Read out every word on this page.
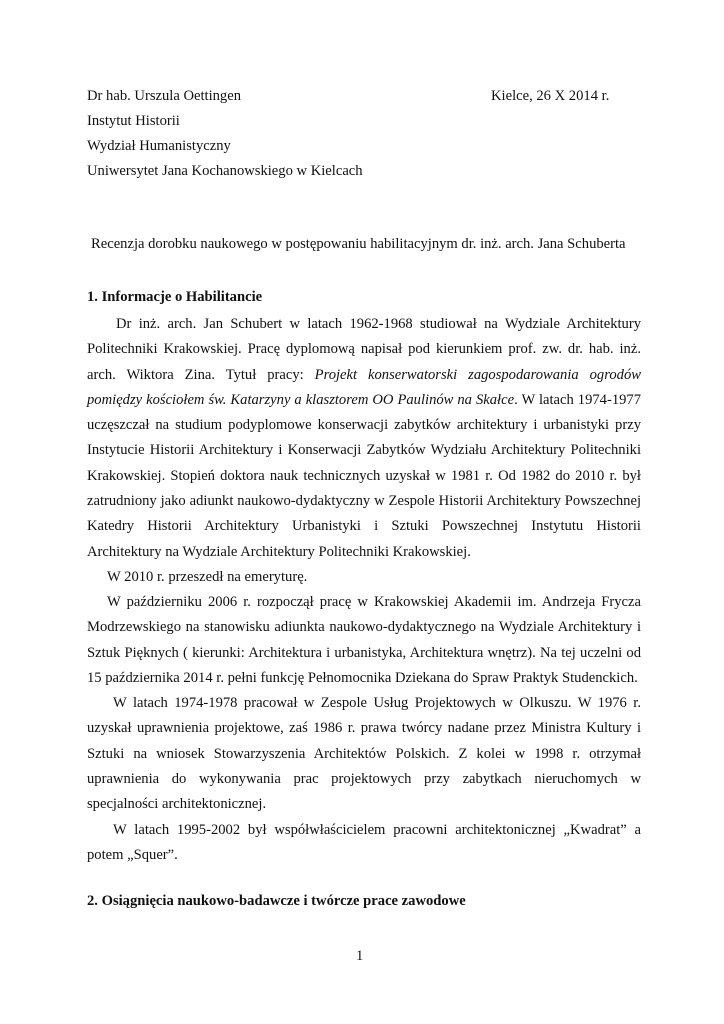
Dr hab. Urszula Oettingen	Kielce, 26 X 2014 r.
Instytut Historii
Wydział Humanistyczny
Uniwersytet Jana Kochanowskiego w Kielcach
Recenzja dorobku naukowego w postępowaniu habilitacyjnym dr. inż. arch. Jana Schuberta
1. Informacje o Habilitancie

Dr inż. arch. Jan Schubert w latach 1962-1968 studiował na Wydziale Architektury Politechniki Krakowskiej. Pracę dyplomową napisał pod kierunkiem prof. zw. dr. hab. inż. arch. Wiktora Zina. Tytuł pracy: Projekt konserwatorski zagospodarowania ogrodów pomiędzy kościołem św. Katarzyny a klasztorem OO Paulinów na Skałce. W latach 1974-1977 uczęszczał na studium podyplomowe konserwacji zabytków architektury i urbanistyki przy Instytucie Historii Architektury i Konserwacji Zabytków Wydziału Architektury Politechniki Krakowskiej. Stopień doktora nauk technicznych uzyskał w 1981 r. Od 1982 do 2010 r. był zatrudniony jako adiunkt naukowo-dydaktyczny w Zespole Historii Architektury Powszechnej Katedry Historii Architektury Urbanistyki i Sztuki Powszechnej Instytutu Historii Architektury na Wydziale Architektury Politechniki Krakowskiej.

W 2010 r. przeszedł na emeryturę.

W październiku 2006 r. rozpoczął pracę w Krakowskiej Akademii im. Andrzeja Frycza Modrzewskiego na stanowisku adiunkta naukowo-dydaktycznego na Wydziale Architektury i Sztuk Pięknych ( kierunki: Architektura i urbanistyka, Architektura wnętrz). Na tej uczelni od 15 października 2014 r. pełni funkcję Pełnomocnika Dziekana do Spraw Praktyk Studenckich.

W latach 1974-1978 pracował w Zespole Usług Projektowych w Olkuszu. W 1976 r. uzyskał uprawnienia projektowe, zaś 1986 r. prawa twórcy nadane przez Ministra Kultury i Sztuki na wniosek Stowarzyszenia Architektów Polskich. Z kolei w 1998 r. otrzymał uprawnienia do wykonywania prac projektowych przy zabytkach nieruchomych w specjalności architektonicznej.

W latach 1995-2002 był współwłaścicielem pracowni architektonicznej „Kwadrat” a potem „Squer”.

2. Osiągnięcia naukowo-badawcze i twórcze prace zawodowe
1
